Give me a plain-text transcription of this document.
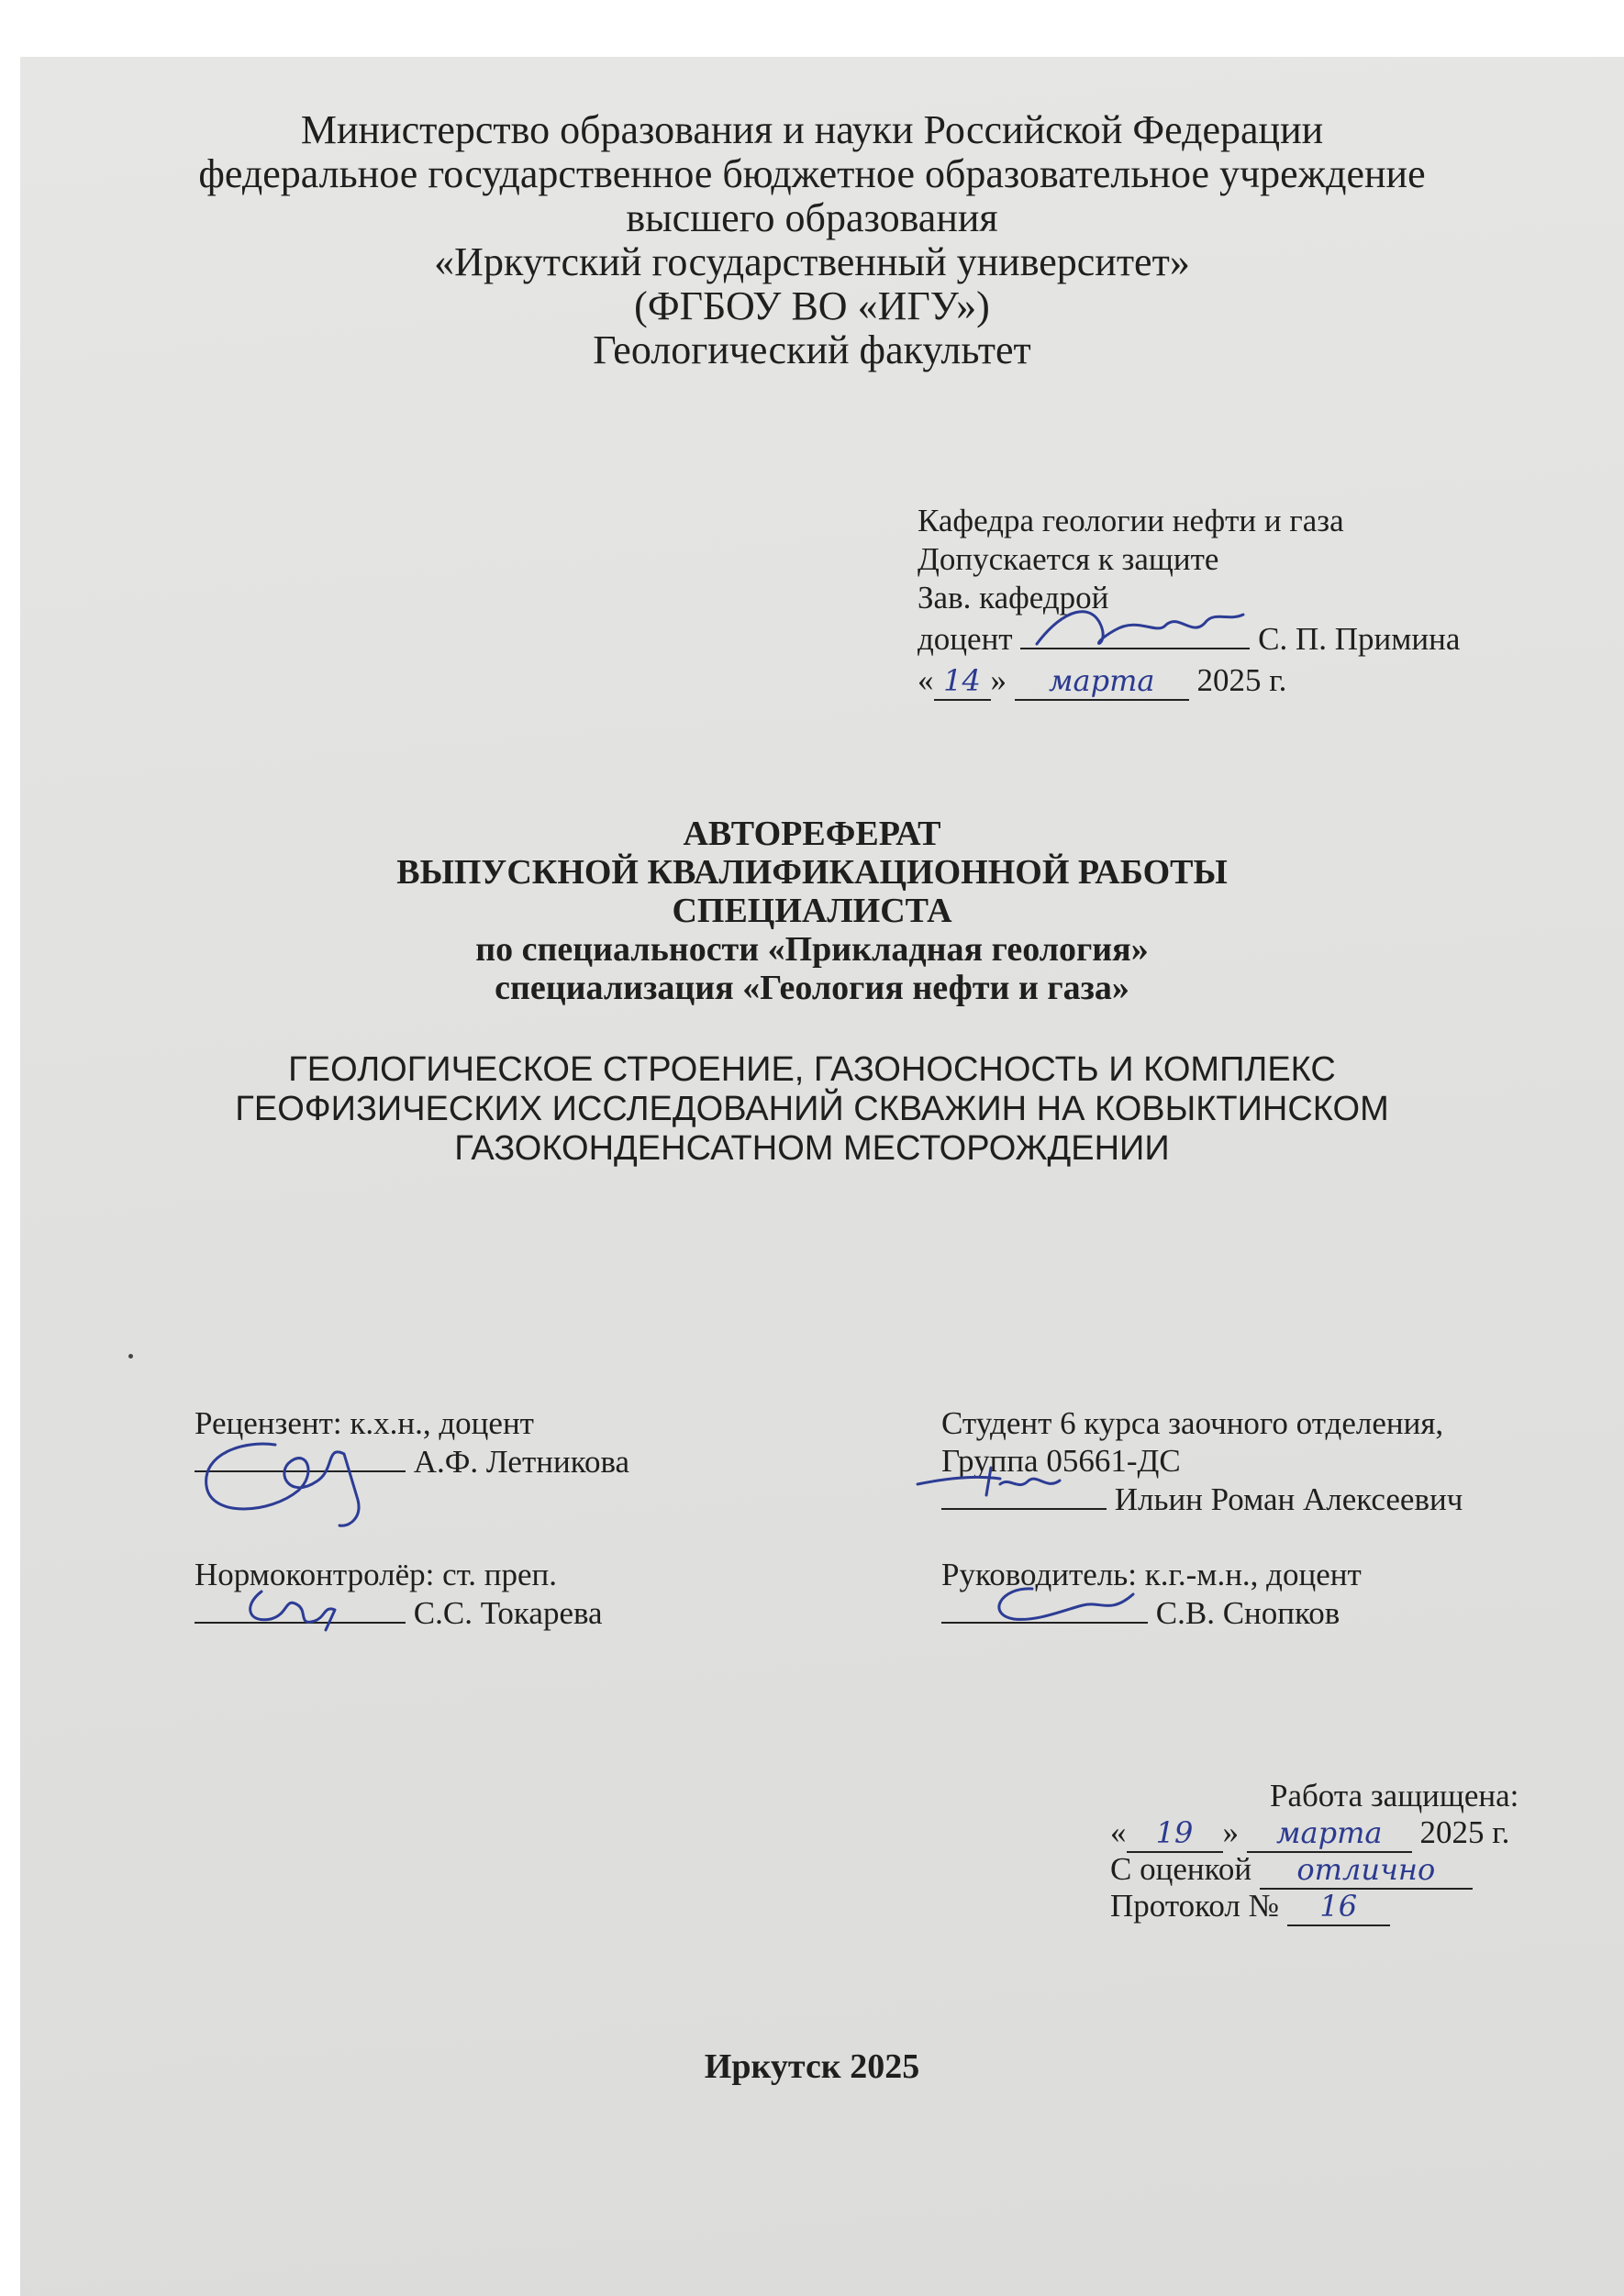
Министерство образования и науки Российской Федерации

федеральное государственное бюджетное образовательное учреждение

высшего образования

«Иркутский государственный университет»

(ФГБОУ ВО «ИГУ»)

Геологический факультет

Кафедра геологии нефти и газа
Допускается к защите
Зав. кафедрой
доцент	С. П. Примина
« 14 » марта 2025 г.

АВТОРЕФЕРАТ

ВЫПУСКНОЙ КВАЛИФИКАЦИОННОЙ РАБОТЫ

СПЕЦИАЛИСТА

по специальности «Прикладная геология»

специализация «Геология нефти и газа»

ГЕОЛОГИЧЕСКОЕ СТРОЕНИЕ, ГАЗОНОСНОСТЬ И КОМПЛЕКС

ГЕОФИЗИЧЕСКИХ ИССЛЕДОВАНИЙ СКВАЖИН НА КОВЫКТИНСКОМ

ГАЗОКОНДЕНСАТНОМ МЕСТОРОЖДЕНИИ

Рецензент: к.х.н., доцент
А.Ф. Летникова
Нормоконтролёр: ст. преп.
С.С. Токарева
Студент 6 курса заочного отделения,
Группа 05661-ДС
Ильин Роман Алексеевич
Руководитель: к.г.-м.н., доцент
С.В. Снопков
Работа защищена:
« 19 » марта 2025 г.
С оценкой отлично
Протокол № 16

Иркутск 2025
